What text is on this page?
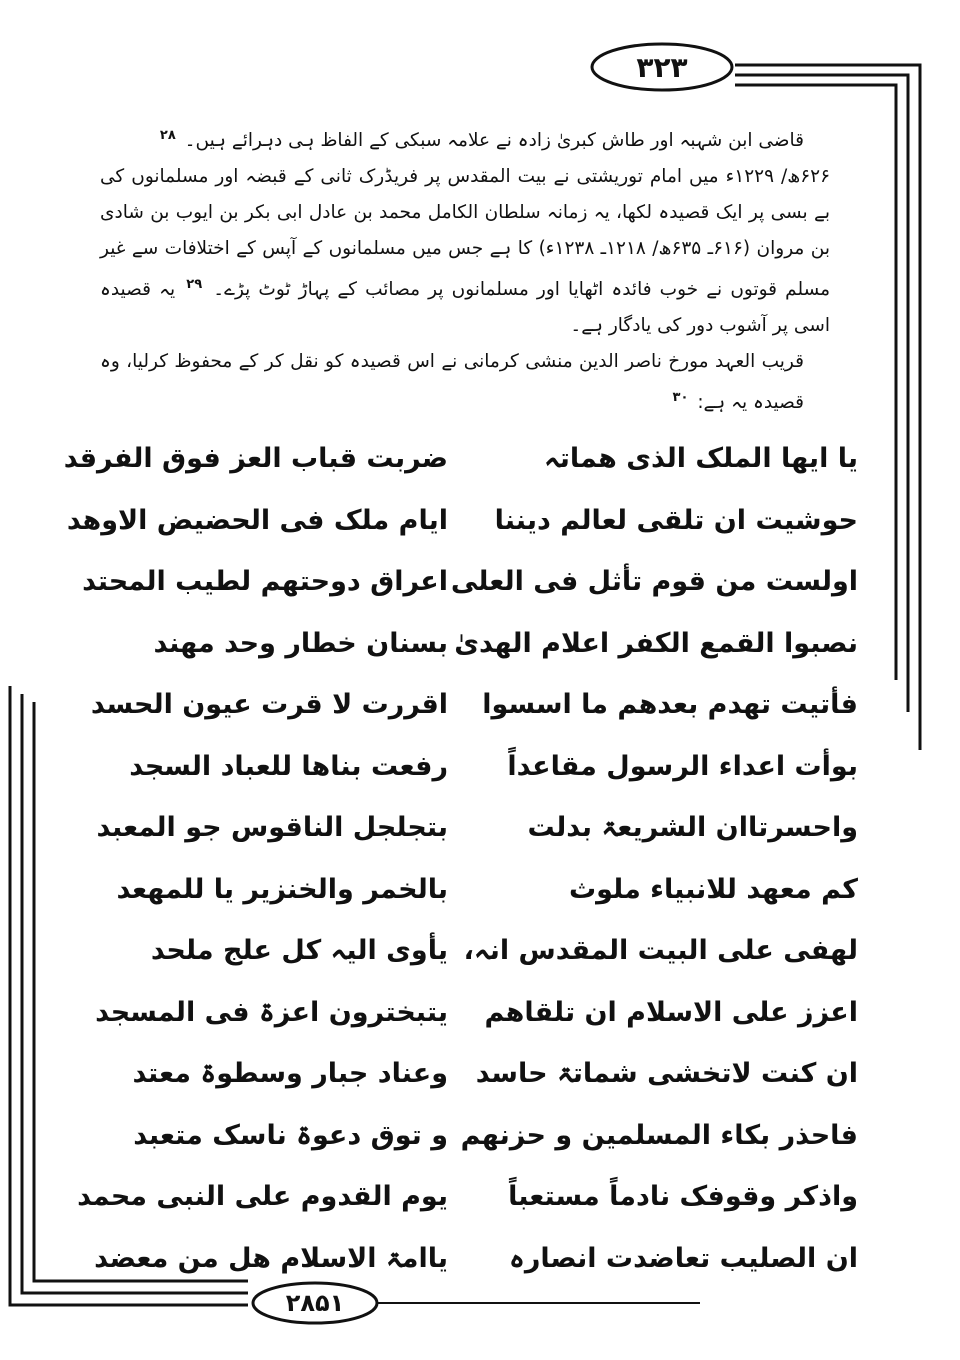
۳۲۳
۲۸۵۱

قاضی ابن شہبہ اور طاش کبریٰ زادہ نے علامہ سبکی کے الفاظ ہی دہرائے ہیں۔ $^{۲۸}$

۶۲۶ھ/ ۱۲۲۹ء میں امام توریشتی نے بیت المقدس پر فریڈرک ثانی کے قبضہ اور مسلمانوں کی بے بسی پر ایک قصیدہ لکھا، یہ زمانہ سلطان الکامل محمد بن عادل ابی بکر بن ایوب بن شادی بن مروان (۶۱۶ـ ۶۳۵ھ/ ۱۲۱۸ـ ۱۲۳۸ء) کا ہے جس میں مسلمانوں کے آپس کے اختلافات سے غیر مسلم قوتوں نے خوب فائدہ اٹھایا اور مسلمانوں پر مصائب کے پہاڑ ٹوٹ پڑے۔ $^{۲۹}$ یہ قصیدہ اسی پر آشوب دور کی یادگار ہے۔

قریب العہد مورخ ناصر الدین منشی کرمانی نے اس قصیدہ کو نقل کر کے محفوظ کرلیا، وہ قصیدہ یہ ہے: $^{۳۰}$

یا ایھا الملک الذی ھماتہ
ضربت قباب العز فوق الفرقد
حوشیت ان تلقی لعالم دیننا
ایام ملک فی الحضیض الاوھد
اولست من قوم تأثل فی العلی
اعراق دوحتھم لطیب المحتد
نصبوا القمع الکفر اعلام الھدیٰ
بسنان خطار وحد مھند
فأتیت تھدم بعدھم ما اسسوا
اقررت لا قرت عیون الحسد
بوأت اعداء الرسول مقاعداً
رفعت بناھا للعباد السجد
واحسرتاان الشریعۃ بدلت
بتجلجل الناقوس جو المعبد
کم معھد للانبیاء ملوث
بالخمر والخنزیر یا للمھعد
لھفی علی البیت المقدس انہ،
یأوی الیہ کل علج ملحد
اعزز علی الاسلام ان تلقاھم
یتبخترون اعزۃ فی المسجد
ان کنت لاتخشی شماتۃ حاسد
وعناد جبار وسطوۃ معتد
فاحذر بکاء المسلمین و حزنھم
و توق دعوۃ ناسک متعبد
واذکر وقوفک نادماً مستعباً
یوم القدوم علی النبی محمد
ان الصلیب تعاضدت انصارہ
یاامۃ الاسلام ھل من معضد
